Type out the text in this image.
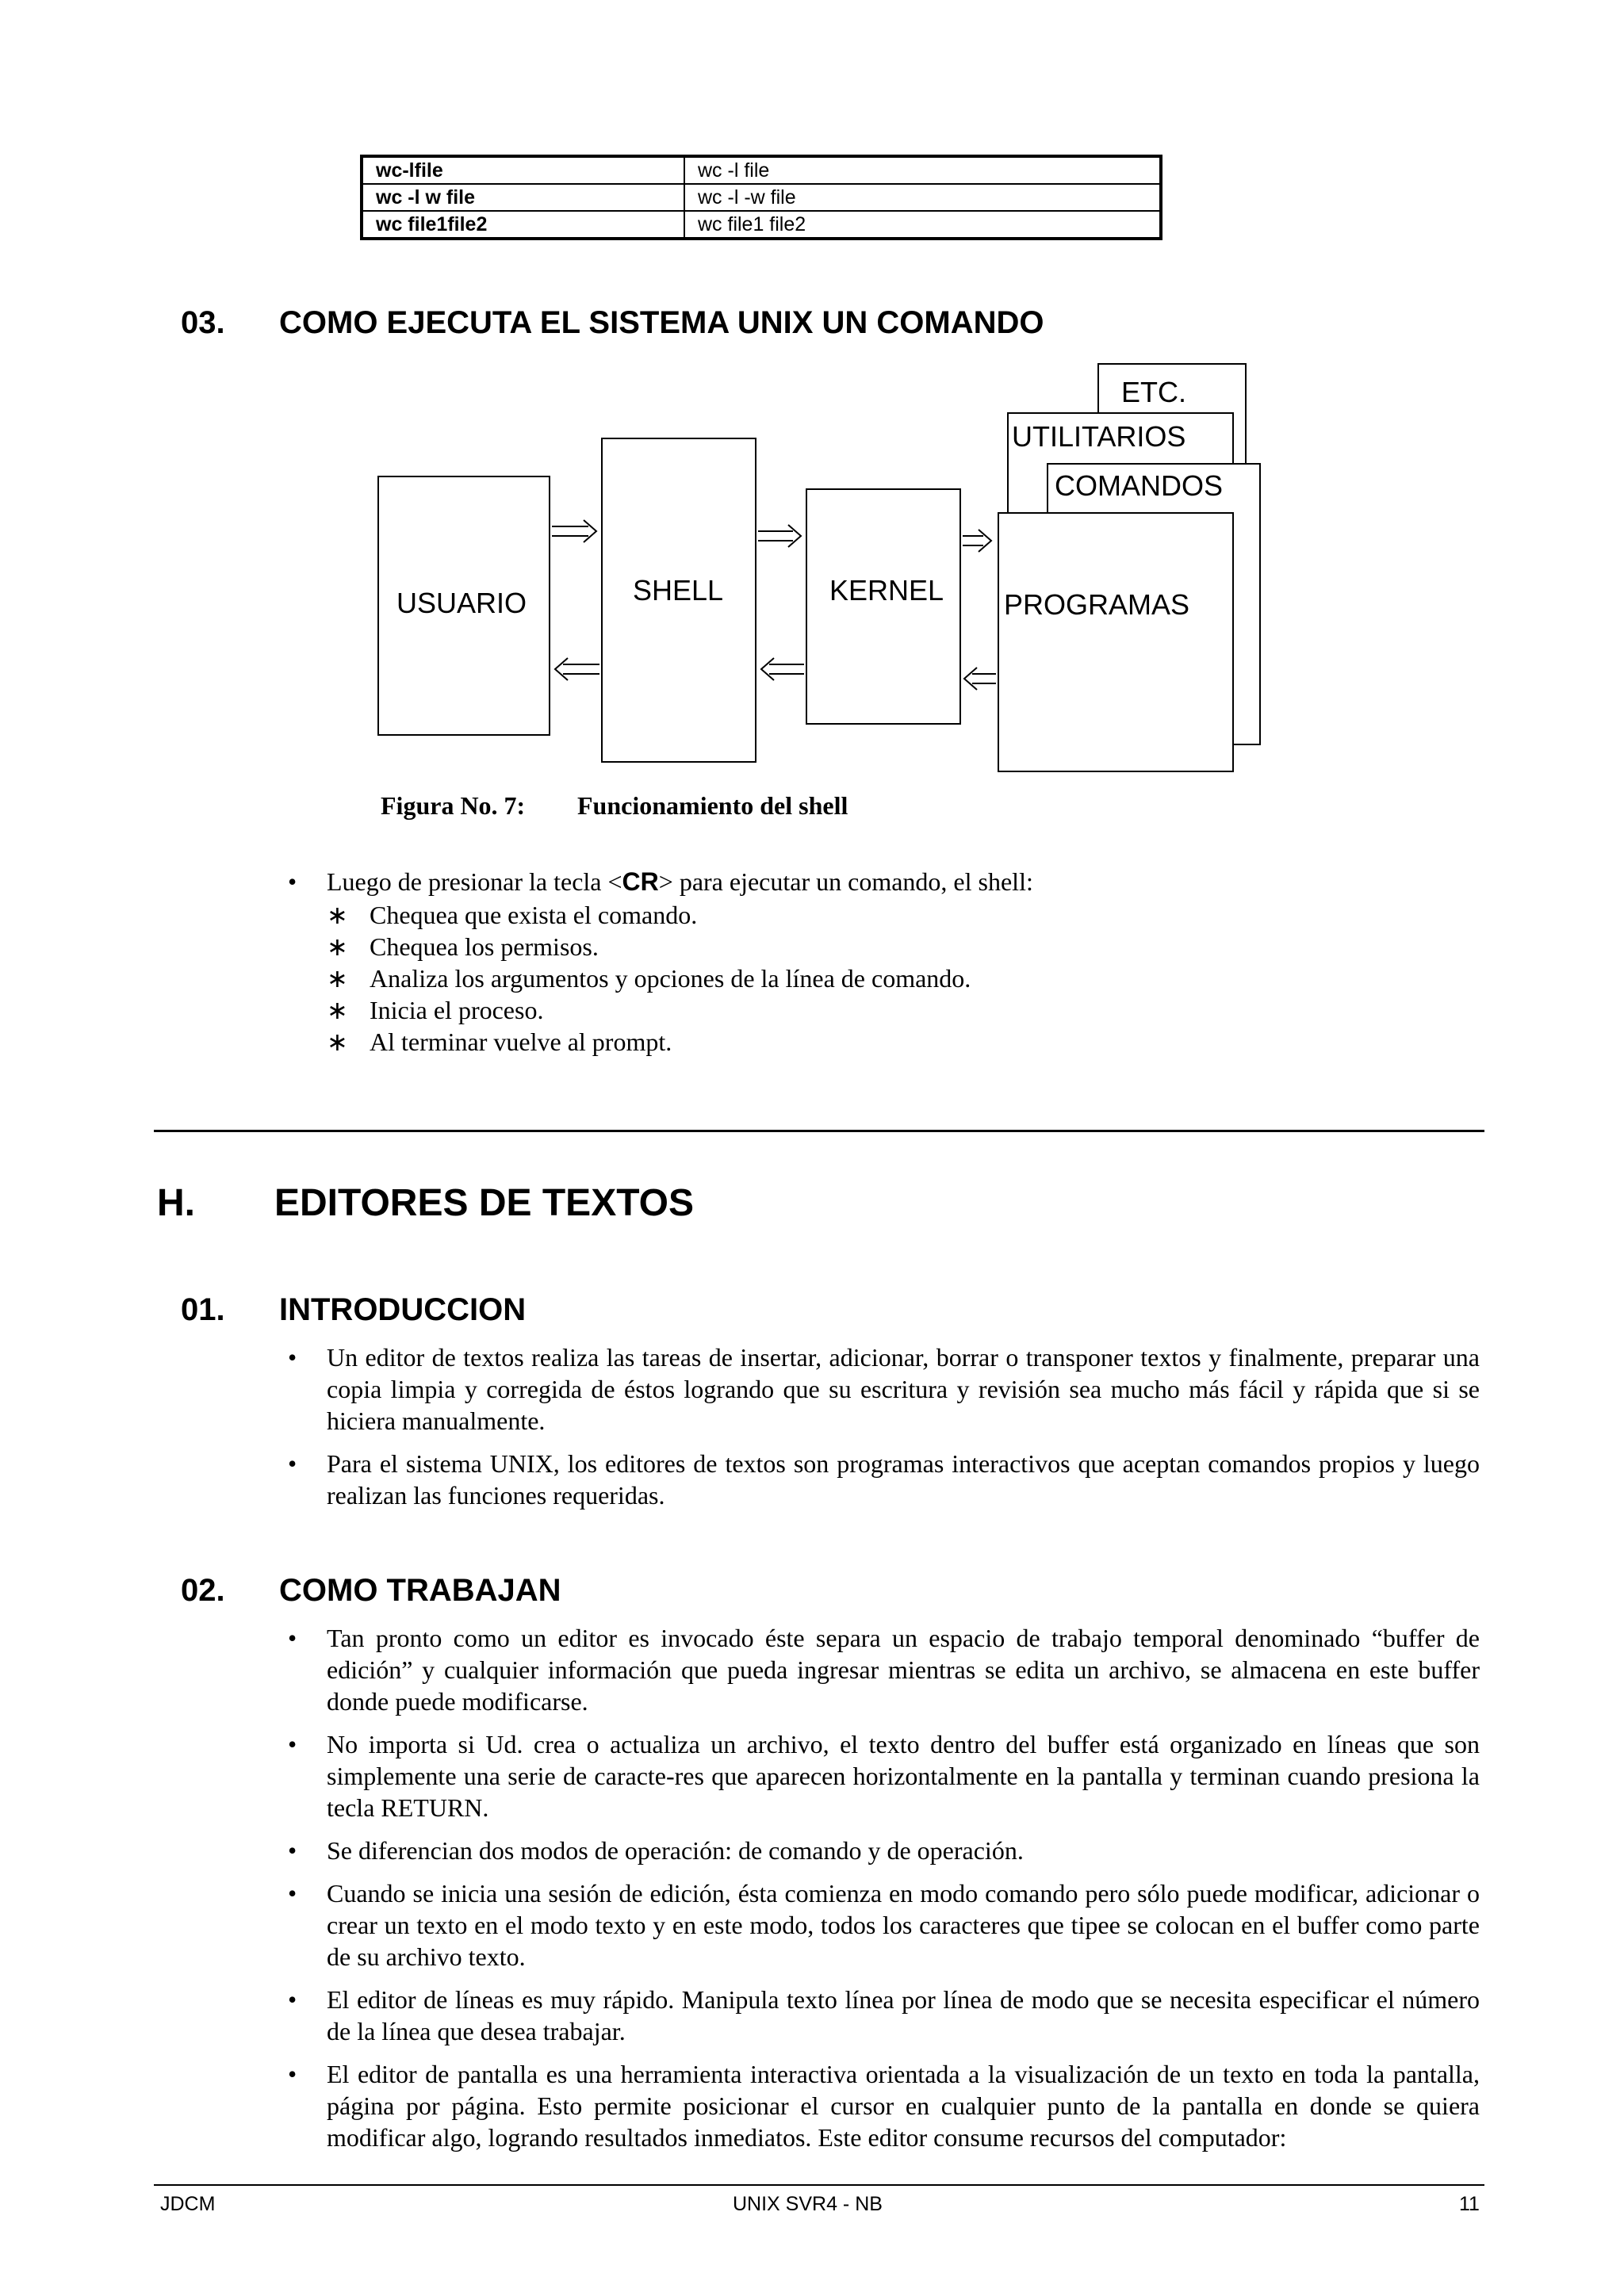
wc-lfile	wc -l file
wc -l w file	wc -l -w file
wc file1file2	wc file1 file2
03. COMO EJECUTA EL SISTEMA UNIX UN COMANDO
USUARIO	SHELL	KERNEL
ETC.
UTILITARIOS
COMANDOS
PROGRAMAS
Figura No. 7: Funcionamiento del shell
• Luego de presionar la tecla <CR> para ejecutar un comando, el shell:
∗ Chequea que exista el comando.
∗ Chequea los permisos.
∗ Analiza los argumentos y opciones de la línea de comando.
∗ Inicia el proceso.
∗ Al terminar vuelve al prompt.
H. EDITORES DE TEXTOS
01. INTRODUCCION
• Un editor de textos realiza las tareas de insertar, adicionar, borrar o transponer textos y finalmente, preparar una copia limpia y corregida de éstos logrando que su escritura y revisión sea mucho más fácil y rápida que si se hiciera manualmente.
• Para el sistema UNIX, los editores de textos son programas interactivos que aceptan comandos propios y luego realizan las funciones requeridas.
02. COMO TRABAJAN
• Tan pronto como un editor es invocado éste separa un espacio de trabajo temporal denominado “buffer de edición” y cualquier información que pueda ingresar mientras se edita un archivo, se almacena en este buffer donde puede modificarse.
• No importa si Ud. crea o actualiza un archivo, el texto dentro del buffer está organizado en líneas que son simplemente una serie de caracte-res que aparecen horizontalmente en la pantalla y terminan cuando presiona la tecla RETURN.
• Se diferencian dos modos de operación: de comando y de operación.
• Cuando se inicia una sesión de edición, ésta comienza en modo comando pero sólo puede modificar, adicionar o crear un texto en el modo texto y en este modo, todos los caracteres que tipee se colocan en el buffer como parte de su archivo texto.
• El editor de líneas es muy rápido. Manipula texto línea por línea de modo que se necesita especificar el número de la línea que desea trabajar.
• El editor de pantalla es una herramienta interactiva orientada a la visualización de un texto en toda la pantalla, página por página. Esto permite posicionar el cursor en cualquier punto de la pantalla en donde se quiera modificar algo, logrando resultados inmediatos. Este editor consume recursos del computador:
JDCM	UNIX SVR4 - NB	11
